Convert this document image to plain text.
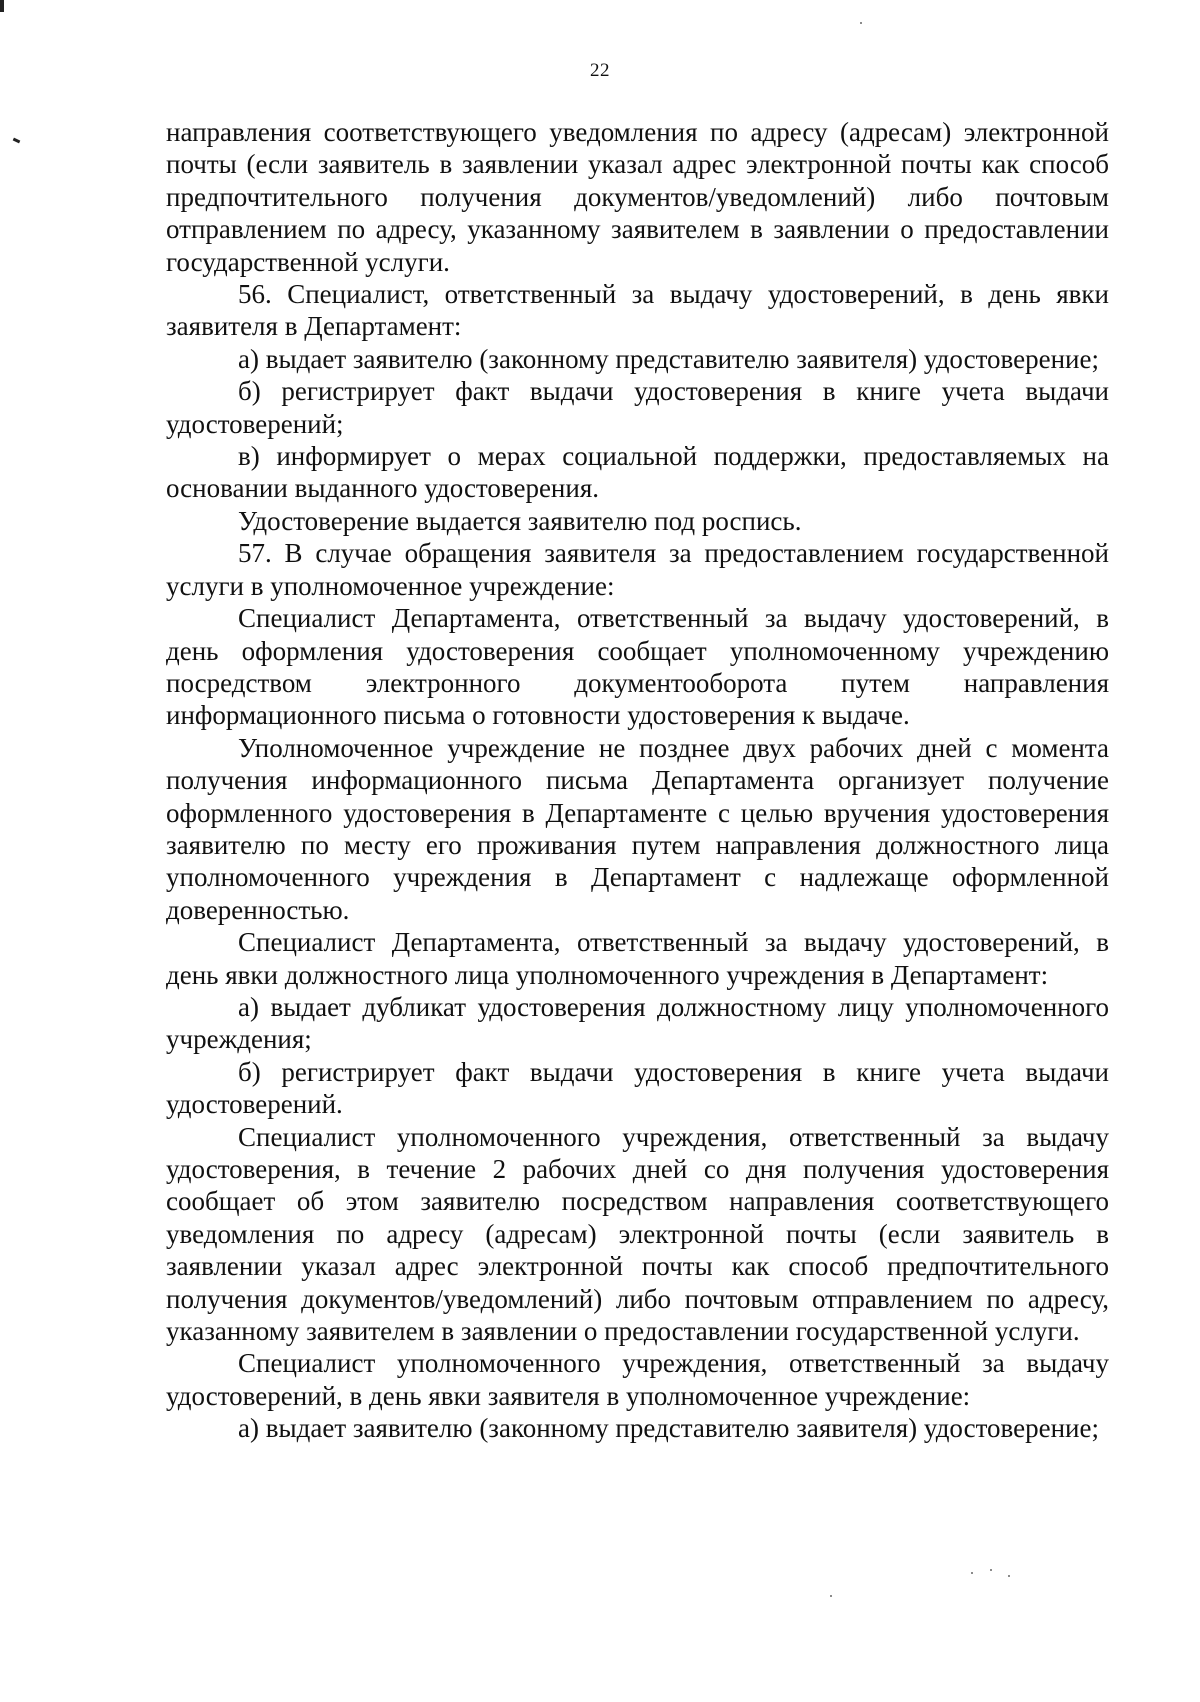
22

направления соответствующего уведомления по адресу (адресам) электронной почты (если заявитель в заявлении указал адрес электронной почты как способ предпочтительного получения документов/уведомлений) либо почтовым отправлением по адресу, указанному заявителем в заявлении о предоставлении государственной услуги.

56. Специалист, ответственный за выдачу удостоверений, в день явки заявителя в Департамент:

а) выдает заявителю (законному представителю заявителя) удостоверение;

б) регистрирует факт выдачи удостоверения в книге учета выдачи удостоверений;

в) информирует о мерах социальной поддержки, предоставляемых на основании выданного удостоверения.

Удостоверение выдается заявителю под роспись.

57. В случае обращения заявителя за предоставлением государственной услуги в уполномоченное учреждение:

Специалист Департамента, ответственный за выдачу удостоверений, в день оформления удостоверения сообщает уполномоченному учреждению посредством электронного документооборота путем направления информационного письма о готовности удостоверения к выдаче.

Уполномоченное учреждение не позднее двух рабочих дней с момента получения информационного письма Департамента организует получение оформленного удостоверения в Департаменте с целью вручения удостоверения заявителю по месту его проживания путем направления должностного лица уполномоченного учреждения в Департамент с надлежаще оформленной доверенностью.

Специалист Департамента, ответственный за выдачу удостоверений, в день явки должностного лица уполномоченного учреждения в Департамент:

а) выдает дубликат удостоверения должностному лицу уполномоченного учреждения;

б) регистрирует факт выдачи удостоверения в книге учета выдачи удостоверений.

Специалист уполномоченного учреждения, ответственный за выдачу удостоверения, в течение 2 рабочих дней со дня получения удостоверения сообщает об этом заявителю посредством направления соответствующего уведомления по адресу (адресам) электронной почты (если заявитель в заявлении указал адрес электронной почты как способ предпочтительного получения документов/уведомлений) либо почтовым отправлением по адресу, указанному заявителем в заявлении о предоставлении государственной услуги.

Специалист уполномоченного учреждения, ответственный за выдачу удостоверений, в день явки заявителя в уполномоченное учреждение:

а) выдает заявителю (законному представителю заявителя) удостоверение;
